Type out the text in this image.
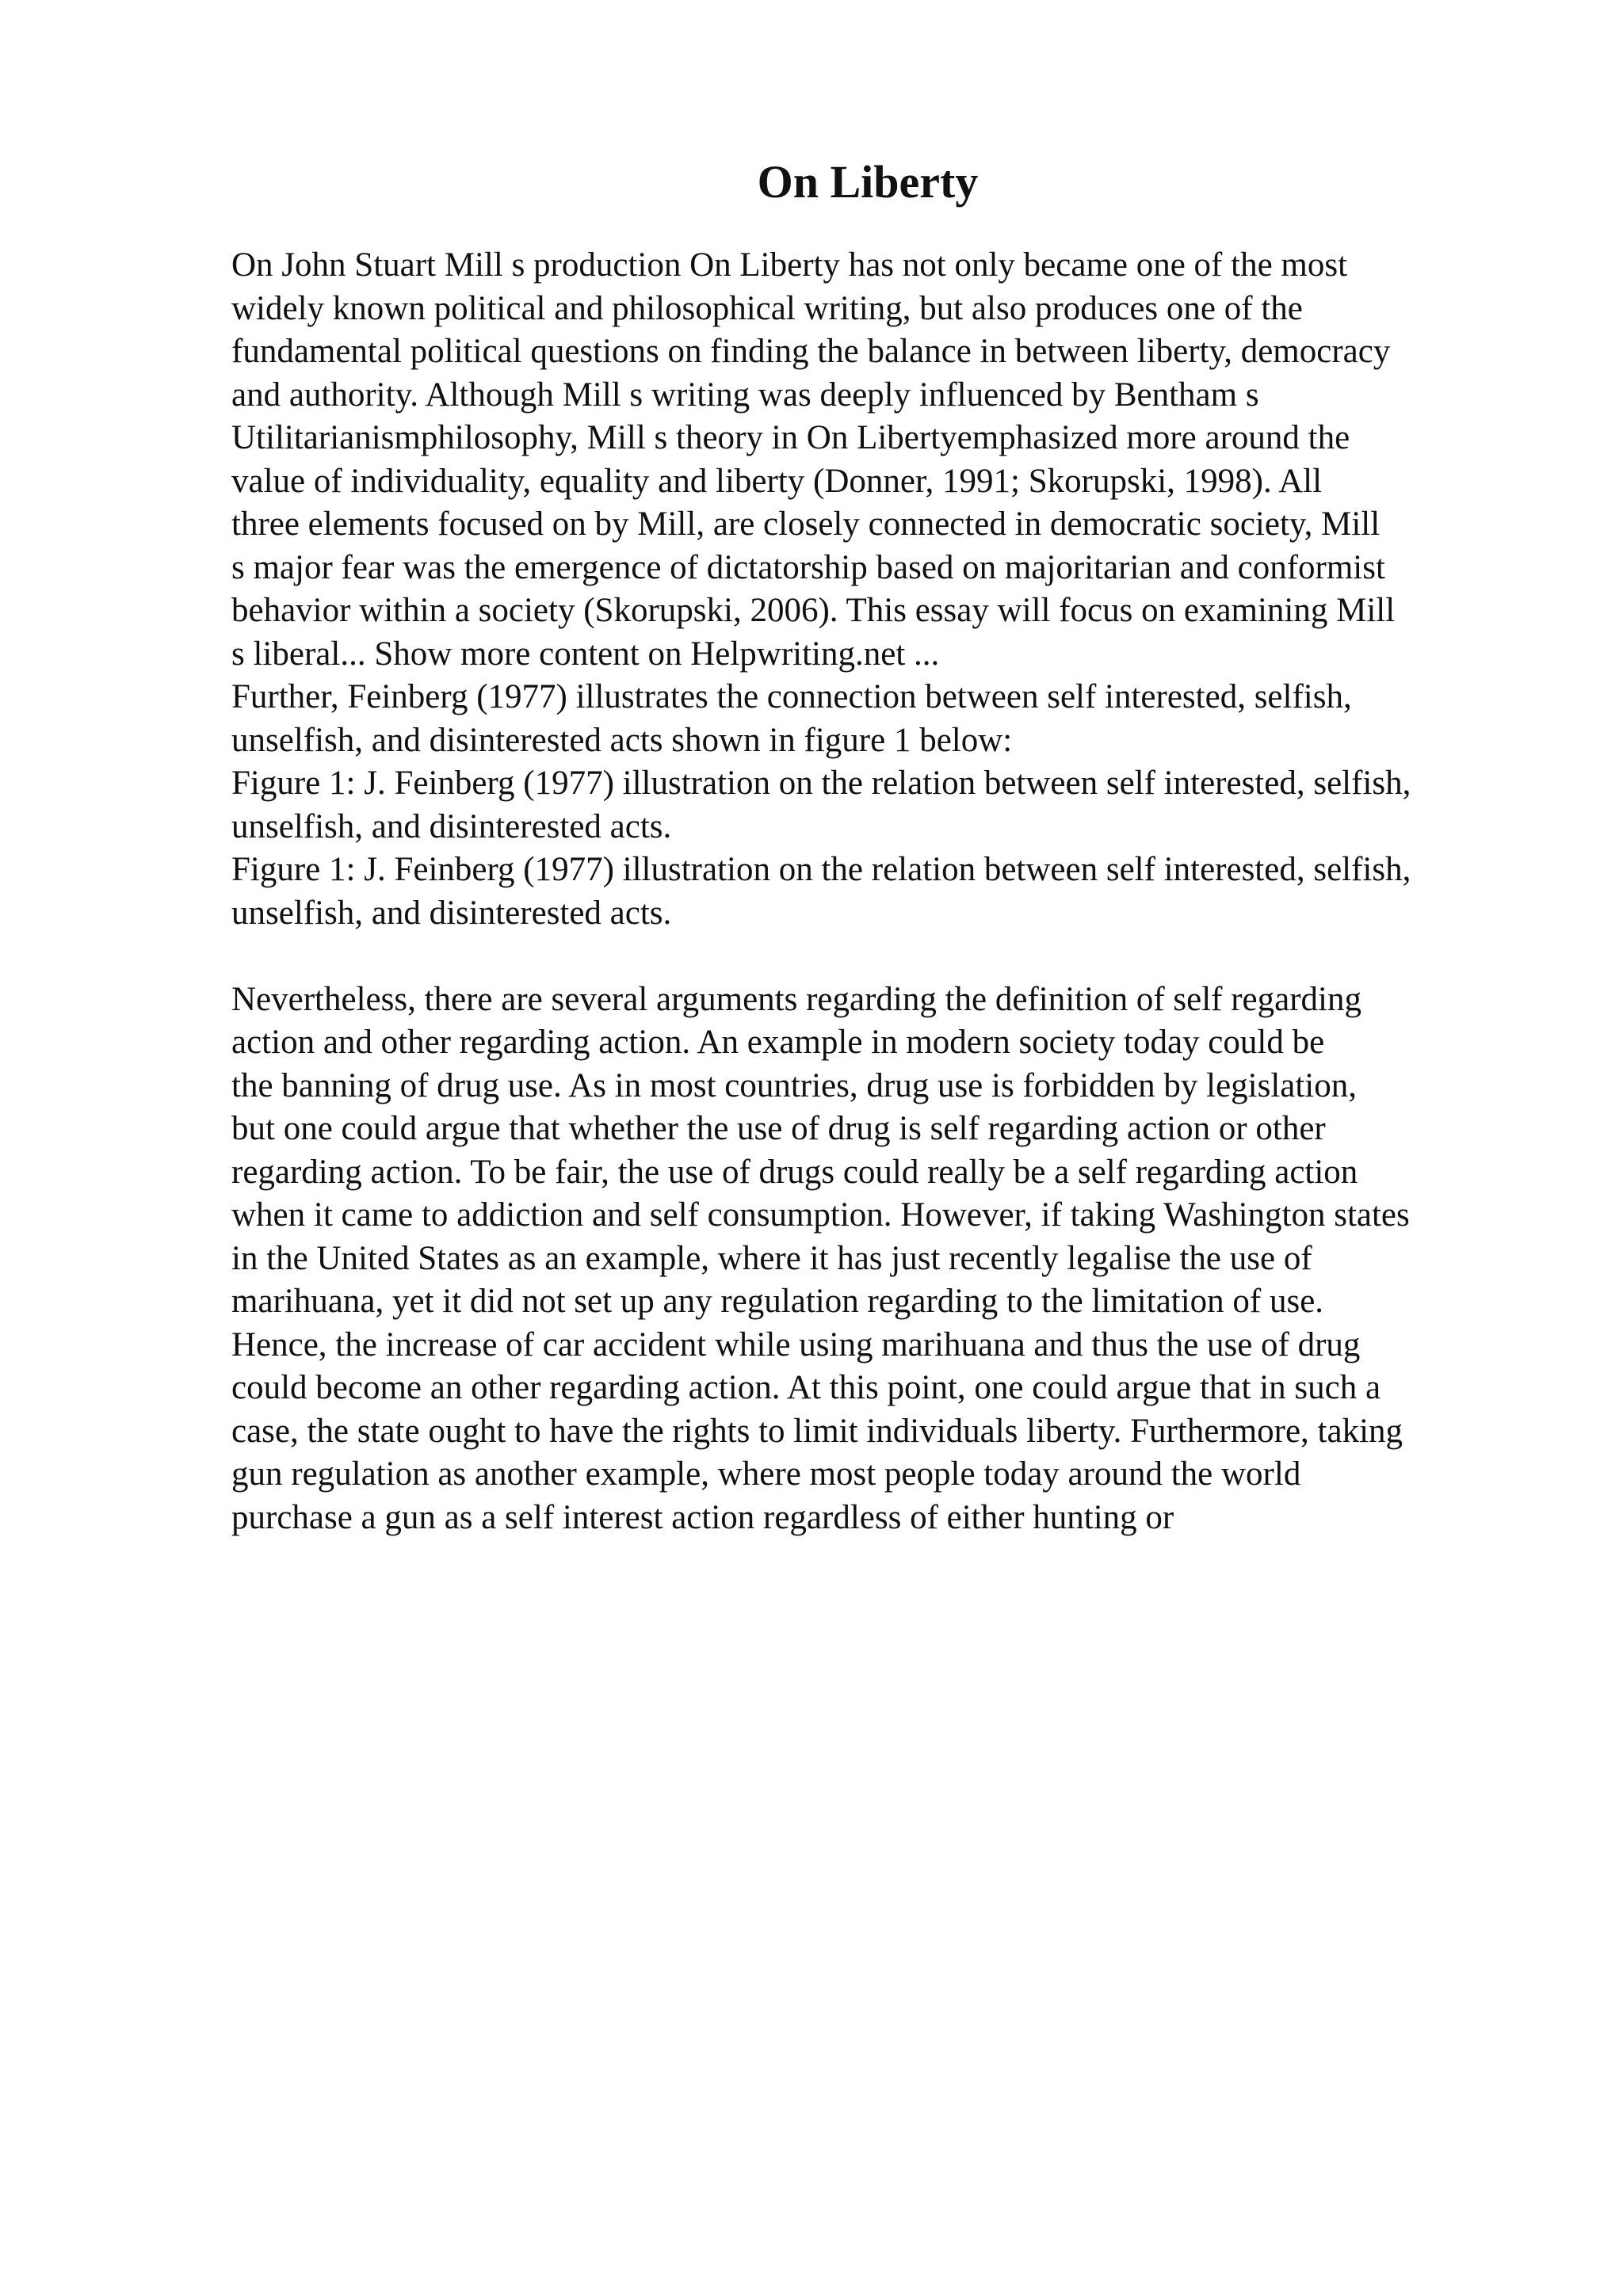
On Liberty
On John Stuart Mill s production On Liberty has not only became one of the most
widely known political and philosophical writing, but also produces one of the
fundamental political questions on finding the balance in between liberty, democracy
and authority. Although Mill s writing was deeply influenced by Bentham s
Utilitarianismphilosophy, Mill s theory in On Libertyemphasized more around the
value of individuality, equality and liberty (Donner, 1991; Skorupski, 1998). All
three elements focused on by Mill, are closely connected in democratic society, Mill
s major fear was the emergence of dictatorship based on majoritarian and conformist
behavior within a society (Skorupski, 2006). This essay will focus on examining Mill
s liberal... Show more content on Helpwriting.net ...
Further, Feinberg (1977) illustrates the connection between self interested, selfish,
unselfish, and disinterested acts shown in figure 1 below:
Figure 1: J. Feinberg (1977) illustration on the relation between self interested, selfish,
unselfish, and disinterested acts.
Figure 1: J. Feinberg (1977) illustration on the relation between self interested, selfish,
unselfish, and disinterested acts.
Nevertheless, there are several arguments regarding the definition of self regarding
action and other regarding action. An example in modern society today could be
the banning of drug use. As in most countries, drug use is forbidden by legislation,
but one could argue that whether the use of drug is self regarding action or other
regarding action. To be fair, the use of drugs could really be a self regarding action
when it came to addiction and self consumption. However, if taking Washington states
in the United States as an example, where it has just recently legalise the use of
marihuana, yet it did not set up any regulation regarding to the limitation of use.
Hence, the increase of car accident while using marihuana and thus the use of drug
could become an other regarding action. At this point, one could argue that in such a
case, the state ought to have the rights to limit individuals liberty. Furthermore, taking
gun regulation as another example, where most people today around the world
purchase a gun as a self interest action regardless of either hunting or
